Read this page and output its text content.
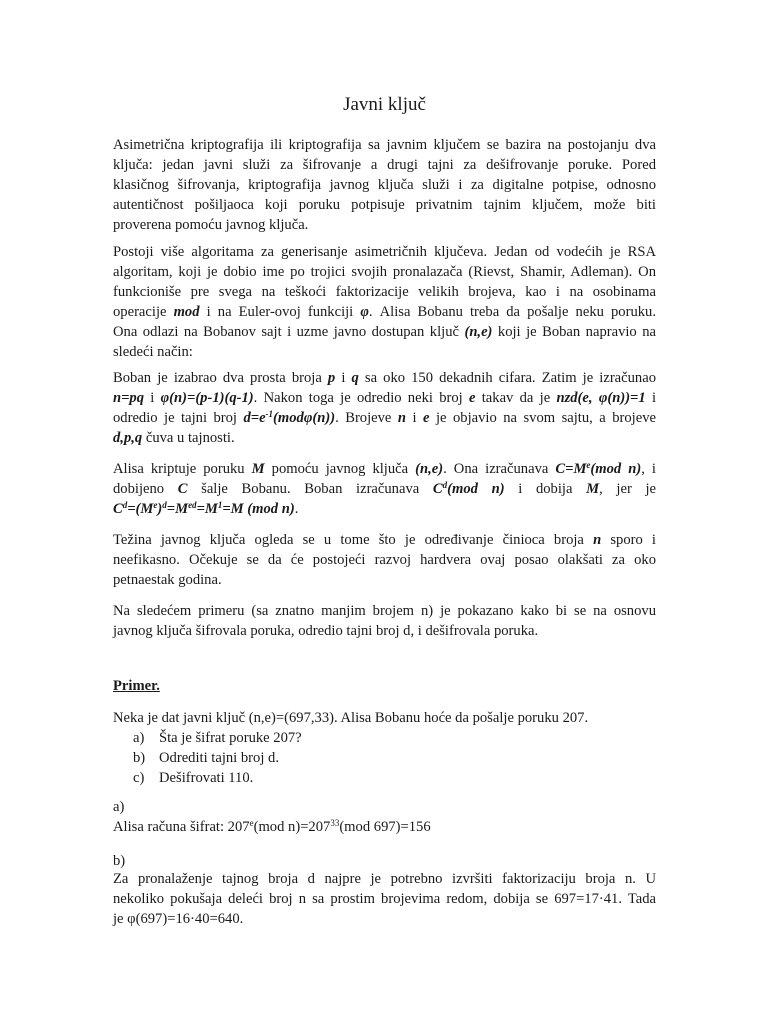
Javni ključ
Asimetrična kriptografija ili kriptografija sa javnim ključem se bazira na postojanju dva
ključa: jedan javni služi za šifrovanje a drugi tajni za dešifrovanje poruke. Pored
klasičnog šifrovanja, kriptografija javnog ključa služi i za digitalne potpise, odnosno
autentičnost pošiljaoca koji poruku potpisuje privatnim tajnim ključem, može biti
proverena pomoću javnog ključa.
Postoji više algoritama za generisanje asimetričnih ključeva. Jedan od vodećih je RSA
algoritam, koji je dobio ime po trojici svojih pronalazača (Rievst, Shamir, Adleman). On
funkcioniše pre svega na teškoći faktorizacije velikih brojeva, kao i na osobinama
operacije mod i na Euler-ovoj funkciji φ. Alisa Bobanu treba da pošalje neku poruku.
Ona odlazi na Bobanov sajt i uzme javno dostupan ključ (n,e) koji je Boban napravio na
sledeći način:
Boban je izabrao dva prosta broja p i q sa oko 150 dekadnih cifara. Zatim je izračunao
n=pq i φ(n)=(p-1)(q-1). Nakon toga je odredio neki broj e takav da je nzd(e, φ(n))=1 i
odredio je tajni broj $d=e^{-1}(mod\varphi(n))$. Brojeve n i e je objavio na svom sajtu, a brojeve
d,p,q čuva u tajnosti.
Alisa kriptuje poruku M pomoću javnog ključa (n,e). Ona izračunava $C=M^e(mod$ n), i
dobijeno C šalje Bobanu. Boban izračunava $C^d(mod$ n) i dobija M, jer je
$C^d=(M^e)^d=M^{ed}=M^1=M$ (mod n).
Težina javnog ključa ogleda se u tome što je određivanje činioca broja n sporo i
neefikasno. Očekuje se da će postojeći razvoj hardvera ovaj posao olakšati za oko
petnaestak godina.
Na sledećem primeru (sa znatno manjim brojem n) je pokazano kako bi se na osnovu
javnog ključa šifrovala poruka, odredio tajni broj d, i dešifrovala poruka.
Primer.
Neka je dat javni ključ (n,e)=(697,33). Alisa Bobanu hoće da pošalje poruku 207.
a)	Šta je šifrat poruke 207?
b) Odrediti tajni broj d.
c)	Dešifrovati 110.
a)
Alisa računa šifrat: 207e(mod $n)=207^{33}(mod$ 697)=156
b)
Za pronalaženje tajnog broja d najpre je potrebno izvršiti faktorizaciju broja n. U
nekoliko pokušaja deleći broj n sa prostim brojevima redom, dobija se 697=17·41. Tada
je φ(697)=16·40=640.
